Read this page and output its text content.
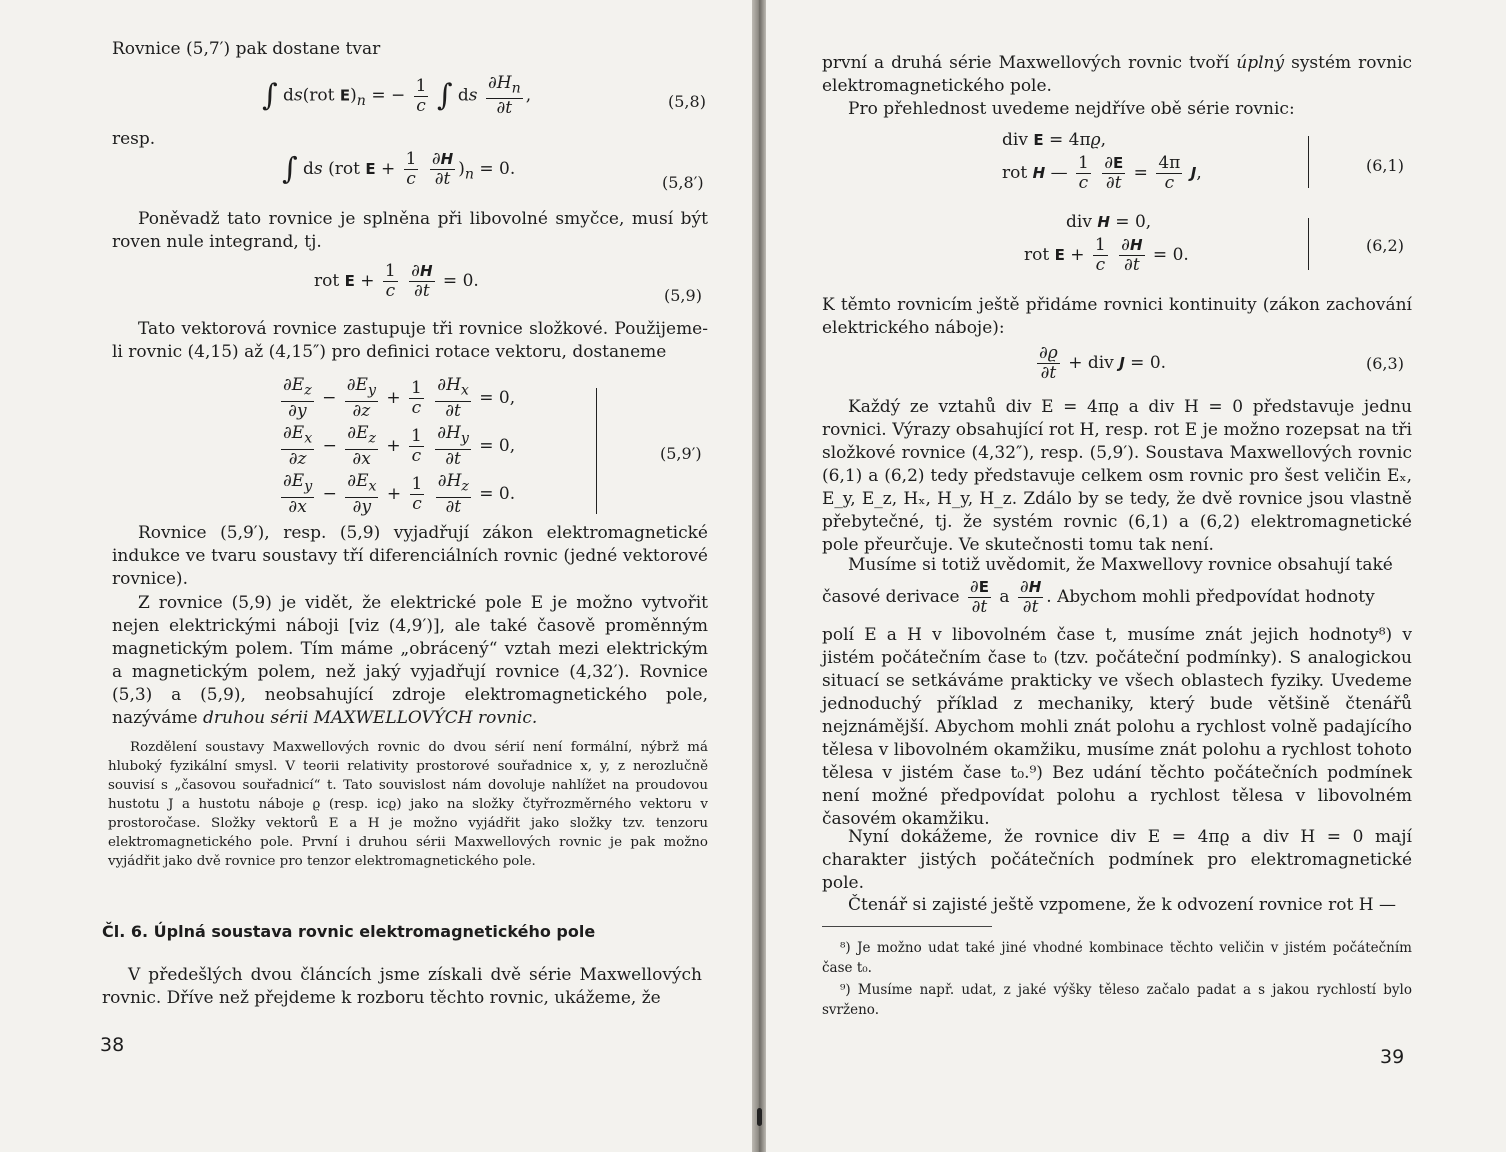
Rovnice (5,7′) pak dostane tvar
∫ ds(rot $E)_n$ = − $\frac{1}{c}$ ∫ ds $\frac{\partial H_n}{\partial t}$ ,	(5,8)
resp.
∫ ds (rot $E + \frac{1}{c}$
$\frac{\partial H}{\partial t} )_n = 0$.
(5,8′)

Poněvadž tato rovnice je splněna při libovolné smyčce, musí být roven nule integrand, tj.

rot $E + \frac{1}{c}$
$\frac{\partial H}{\partial t} = 0$.
(5,9)

Tato vektorová rovnice zastupuje tři rovnice složkové. Použijeme-li rovnic (4,15) až (4,15″) pro definici rotace vektoru, dostaneme

$\frac{\partial E_z}{\partial y} - \frac{\partial E_y}{\partial z} + \frac{1}{c}$
$\frac{\partial H_x}{\partial t} = 0$,
$\frac{\partial E_x}{\partial z} - \frac{\partial E_z}{\partial x} + \frac{1}{c}$
$\frac{\partial H_y}{\partial t} = 0$,
$\frac{\partial E_y}{\partial x} - \frac{\partial E_x}{\partial y} + \frac{1}{c}$
$\frac{\partial H_z}{\partial t} = 0$.
(5,9′)

Rovnice (5,9′), resp. (5,9) vyjadřují zákon elektromagnetické indukce ve tvaru soustavy tří diferenciálních rovnic (jedné vektorové rovnice).

Z rovnice (5,9) je vidět, že elektrické pole E je možno vytvořit nejen elektrickými náboji [viz (4,9′)], ale také časově proměnným magnetickým polem. Tím máme „obrácený“ vztah mezi elektrickým a magnetickým polem, než jaký vyjadřují rovnice (4,32′). Rovnice (5,3) a (5,9), neobsahující zdroje elektromagnetického pole, nazýváme druhou sérii MAXWELLOVÝCH rovnic.

Rozdělení soustavy Maxwellových rovnic do dvou sérií není formální, nýbrž má hluboký fyzikální smysl. V teorii relativity prostorové souřadnice x, y, z nerozlučně souvisí s „časovou souřadnicí“ t. Tato souvislost nám dovoluje nahlížet na proudovou hustotu J a hustotu náboje ϱ (resp. icϱ) jako na složky čtyřrozměrného vektoru v prostoročase. Složky vektorů E a H je možno vyjádřit jako složky tzv. tenzoru elektromagnetického pole. První i druhou sérii Maxwellových rovnic je pak možno vyjádřit jako dvě rovnice pro tenzor elektromagnetického pole.

Čl. 6. Úplná soustava rovnic elektromagnetického pole

V předešlých dvou článcích jsme získali dvě série Maxwellových rovnic. Dříve než přejdeme k rozboru těchto rovnic, ukážeme, že

38

první a druhá série Maxwellových rovnic tvoří úplný systém rovnic elektromagnetického pole.

Pro přehlednost uvedeme nejdříve obě série rovnic:

div E = 4πϱ,
rot H — $\frac{1}{c}$
$\frac{\partial E}{\partial t} = \frac{4\pi}{c} J$,	(6,1)
div H = 0,
rot $E + \frac{1}{c}$
$\frac{\partial H}{\partial t} = 0$.	(6,2)

K těmto rovnicím ještě přidáme rovnici kontinuity (zákon zachování elektrického náboje):

$\frac{\partial ϱ}{\partial t}$ + div J = 0.	(6,3)

Každý ze vztahů div E = 4πϱ a div H = 0 představuje jednu rovnici. Výrazy obsahující rot H, resp. rot E je možno rozepsat na tři složkové rovnice (4,32″), resp. (5,9′). Soustava Maxwellových rovnic (6,1) a (6,2) tedy představuje celkem osm rovnic pro šest veličin Eₓ, E_y, E_z, Hₓ, H_y, H_z. Zdálo by se tedy, že dvě rovnice jsou vlastně přebytečné, tj. že systém rovnic (6,1) a (6,2) elektromagnetické pole přeurčuje. Ve skutečnosti tomu tak není.

Musíme si totiž uvědomit, že Maxwellovy rovnice obsahují také

časové derivace $\frac{\partial E}{\partial t}$ a $\frac{\partial H}{\partial t}$ . Abychom mohli předpovídat hodnoty

polí E a H v libovolném čase t, musíme znát jejich hodnoty⁸) v jistém počátečním čase t₀ (tzv. počáteční podmínky). S analogickou situací se setkáváme prakticky ve všech oblastech fyziky. Uvedeme jednoduchý příklad z mechaniky, který bude většině čtenářů nejznámější. Abychom mohli znát polohu a rychlost volně padajícího tělesa v libovolném okamžiku, musíme znát polohu a rychlost tohoto tělesa v jistém čase t₀.⁹) Bez udání těchto počátečních podmínek není možné předpovídat polohu a rychlost tělesa v libovolném časovém okamžiku.

Nyní dokážeme, že rovnice div E = 4πϱ a div H = 0 mají charakter jistých počátečních podmínek pro elektromagnetické pole.

Čtenář si zajisté ještě vzpomene, že k odvození rovnice rot H —

⁸) Je možno udat také jiné vhodné kombinace těchto veličin v jistém počátečním čase t₀.

⁹) Musíme např. udat, z jaké výšky těleso začalo padat a s jakou rychlostí bylo svrženo.

39
